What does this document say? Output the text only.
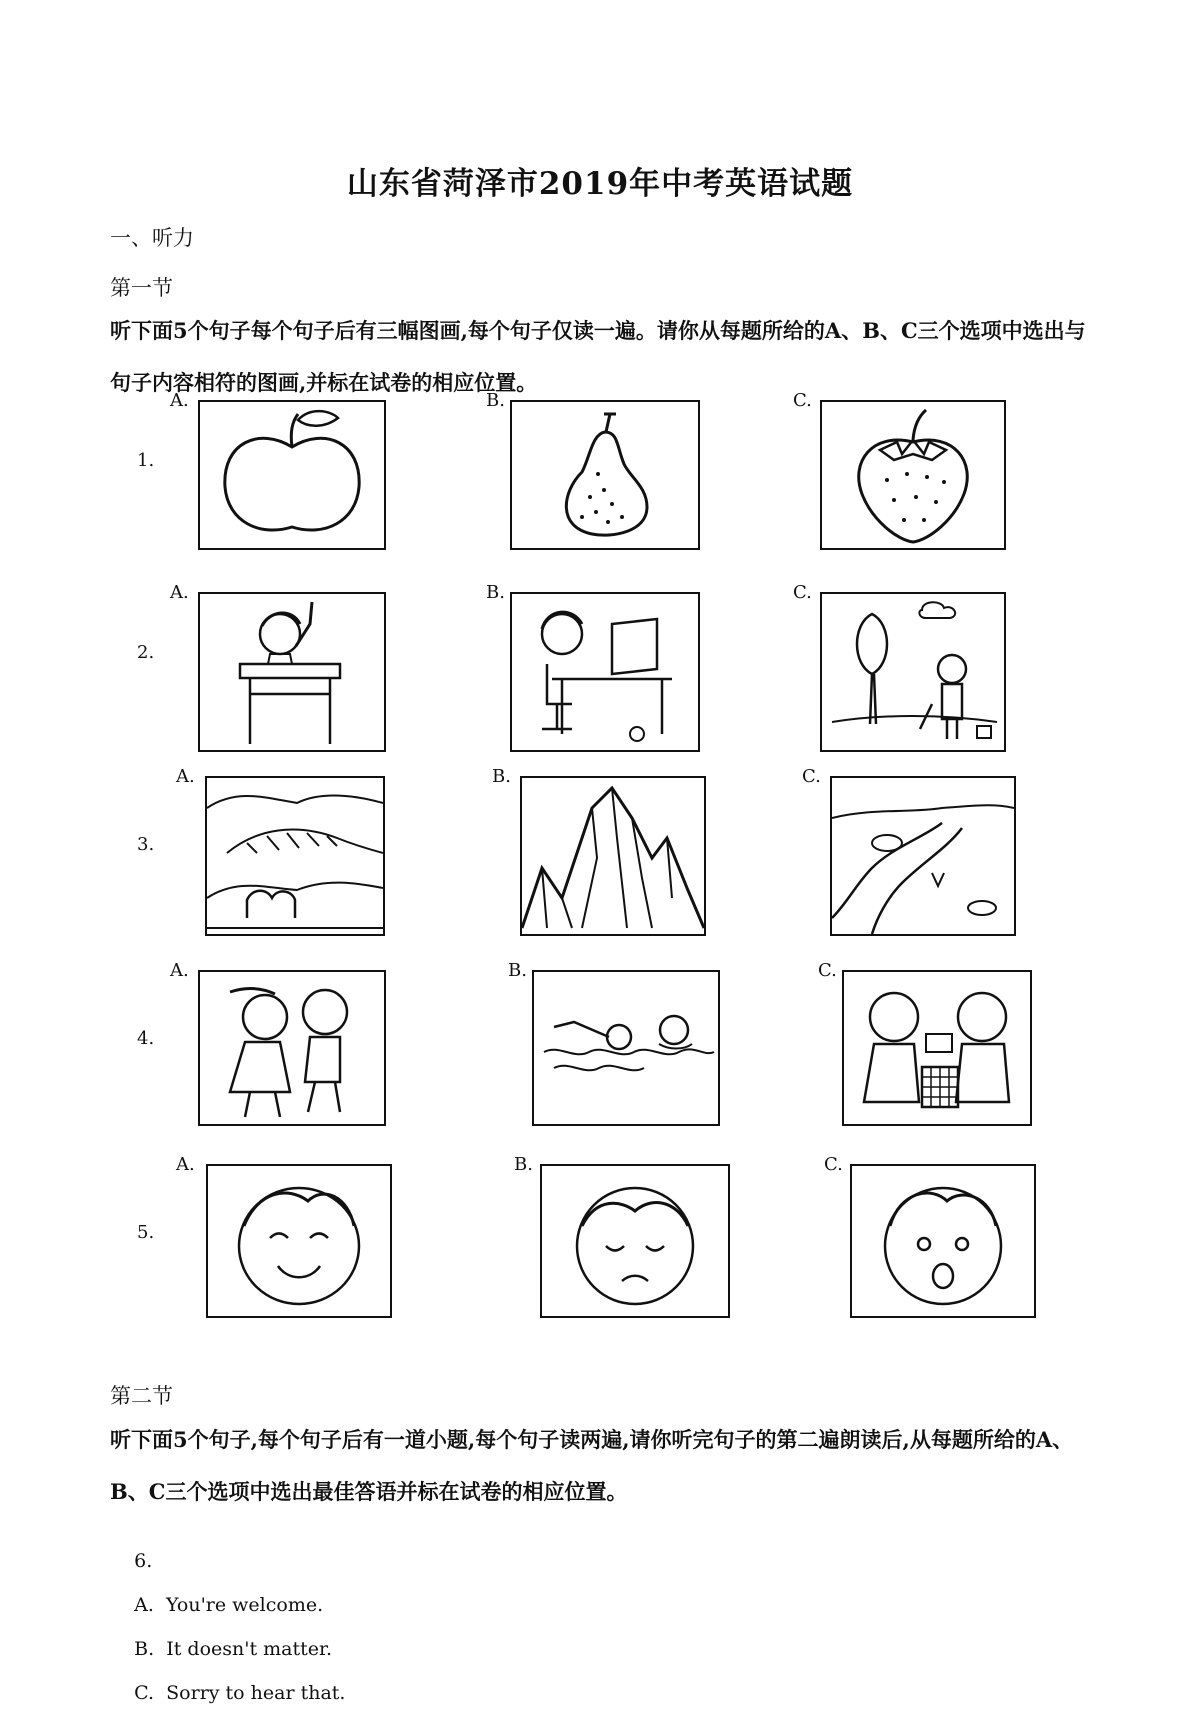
山东省菏泽市2019年中考英语试题
一、听力
第一节
听下面5个句子每个句子后有三幅图画,每个句子仅读一遍。请你从每题所给的A、B、C三个选项中选出与句子内容相符的图画,并标在试卷的相应位置。
1.
A.	B.	C.
2.
A.	B.	C.
3.
A.	B.	C.
4.
A.	B.	C.
5.
A.	B.	C.
第二节
听下面5个句子,每个句子后有一道小题,每个句子读两遍,请你听完句子的第二遍朗读后,从每题所给的A、B、C三个选项中选出最佳答语并标在试卷的相应位置。

6.

A.  You're welcome.

B.  It doesn't matter.

C.  Sorry to hear that.
